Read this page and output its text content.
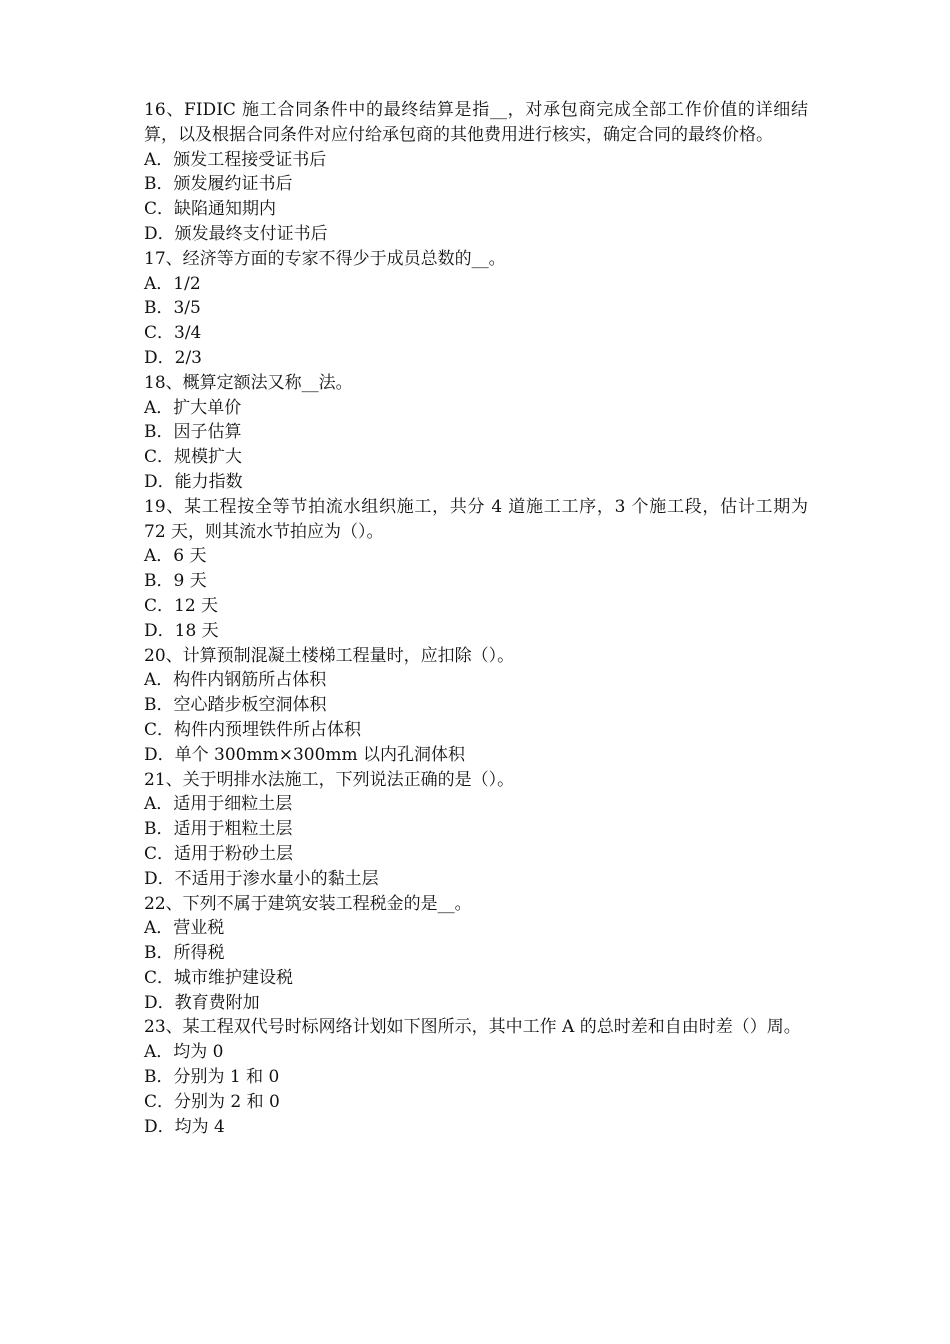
16、FIDIC 施工合同条件中的最终结算是指__，对承包商完成全部工作价值的详细结算，以及根据合同条件对应付给承包商的其他费用进行核实，确定合同的最终价格。

A．颁发工程接受证书后

B．颁发履约证书后

C．缺陷通知期内

D．颁发最终支付证书后

17、经济等方面的专家不得少于成员总数的__。

A．1/2

B．3/5

C．3/4

D．2/3

18、概算定额法又称__法。

A．扩大单价

B．因子估算

C．规模扩大

D．能力指数

19、某工程按全等节拍流水组织施工，共分 4 道施工工序，3 个施工段，估计工期为 72 天，则其流水节拍应为（）。

A．6 天

B．9 天

C．12 天

D．18 天

20、计算预制混凝土楼梯工程量时，应扣除（）。

A．构件内钢筋所占体积

B．空心踏步板空洞体积

C．构件内预埋铁件所占体积

D．单个 300mm×300mm 以内孔洞体积

21、关于明排水法施工，下列说法正确的是（）。

A．适用于细粒土层

B．适用于粗粒土层

C．适用于粉砂土层

D．不适用于渗水量小的黏土层

22、下列不属于建筑安装工程税金的是__。

A．营业税

B．所得税

C．城市维护建设税

D．教育费附加

23、某工程双代号时标网络计划如下图所示，其中工作 A 的总时差和自由时差（）周。

A．均为 0

B．分别为 1 和 0

C．分别为 2 和 0

D．均为 4
